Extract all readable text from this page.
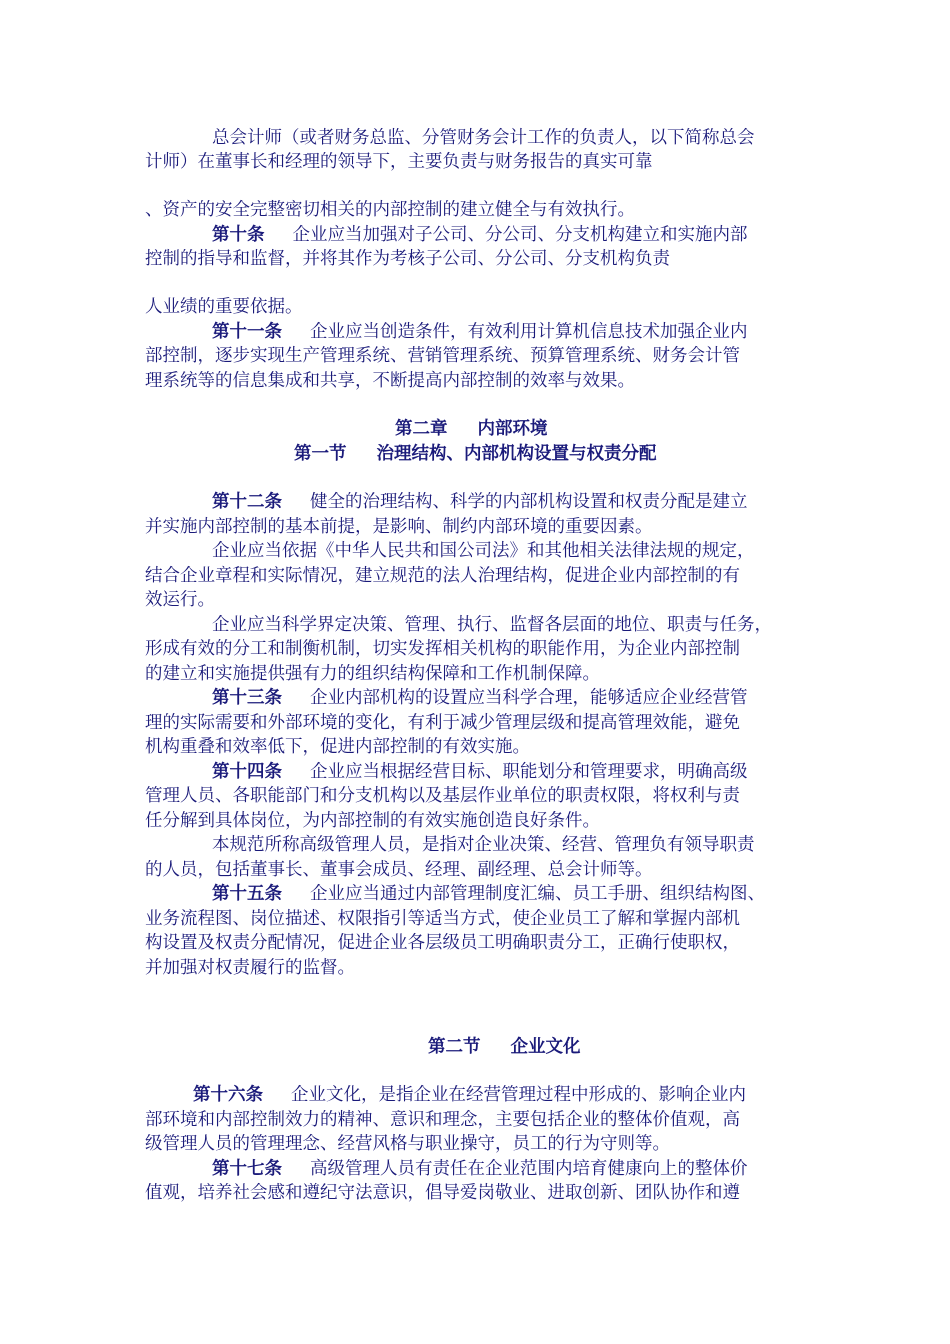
总会计师（或者财务总监、分管财务会计工作的负责人，以下简称总会
计师）在董事长和经理的领导下，主要负责与财务报告的真实可靠
、资产的安全完整密切相关的内部控制的建立健全与有效执行。
第十条 企业应当加强对子公司、分公司、分支机构建立和实施内部
控制的指导和监督，并将其作为考核子公司、分公司、分支机构负责
人业绩的重要依据。
第十一条 企业应当创造条件，有效利用计算机信息技术加强企业内
部控制，逐步实现生产管理系统、营销管理系统、预算管理系统、财务会计管
理系统等的信息集成和共享，不断提高内部控制的效率与效果。
第二章 内部环境
第一节 治理结构、内部机构设置与权责分配
第十二条 健全的治理结构、科学的内部机构设置和权责分配是建立
并实施内部控制的基本前提，是影响、制约内部环境的重要因素。
企业应当依据《中华人民共和国公司法》和其他相关法律法规的规定，
结合企业章程和实际情况，建立规范的法人治理结构，促进企业内部控制的有
效运行。
企业应当科学界定决策、管理、执行、监督各层面的地位、职责与任务，
形成有效的分工和制衡机制，切实发挥相关机构的职能作用，为企业内部控制
的建立和实施提供强有力的组织结构保障和工作机制保障。
第十三条 企业内部机构的设置应当科学合理，能够适应企业经营管
理的实际需要和外部环境的变化，有利于减少管理层级和提高管理效能，避免
机构重叠和效率低下，促进内部控制的有效实施。
第十四条 企业应当根据经营目标、职能划分和管理要求，明确高级
管理人员、各职能部门和分支机构以及基层作业单位的职责权限，将权利与责
任分解到具体岗位，为内部控制的有效实施创造良好条件。
本规范所称高级管理人员，是指对企业决策、经营、管理负有领导职责
的人员，包括董事长、董事会成员、经理、副经理、总会计师等。
第十五条 企业应当通过内部管理制度汇编、员工手册、组织结构图、
业务流程图、岗位描述、权限指引等适当方式，使企业员工了解和掌握内部机
构设置及权责分配情况，促进企业各层级员工明确职责分工，正确行使职权，
并加强对权责履行的监督。
第二节 企业文化
第十六条 企业文化，是指企业在经营管理过程中形成的、影响企业内
部环境和内部控制效力的精神、意识和理念，主要包括企业的整体价值观，高
级管理人员的管理理念、经营风格与职业操守，员工的行为守则等。
第十七条 高级管理人员有责任在企业范围内培育健康向上的整体价
值观，培养社会感和遵纪守法意识，倡导爱岗敬业、进取创新、团队协作和遵
